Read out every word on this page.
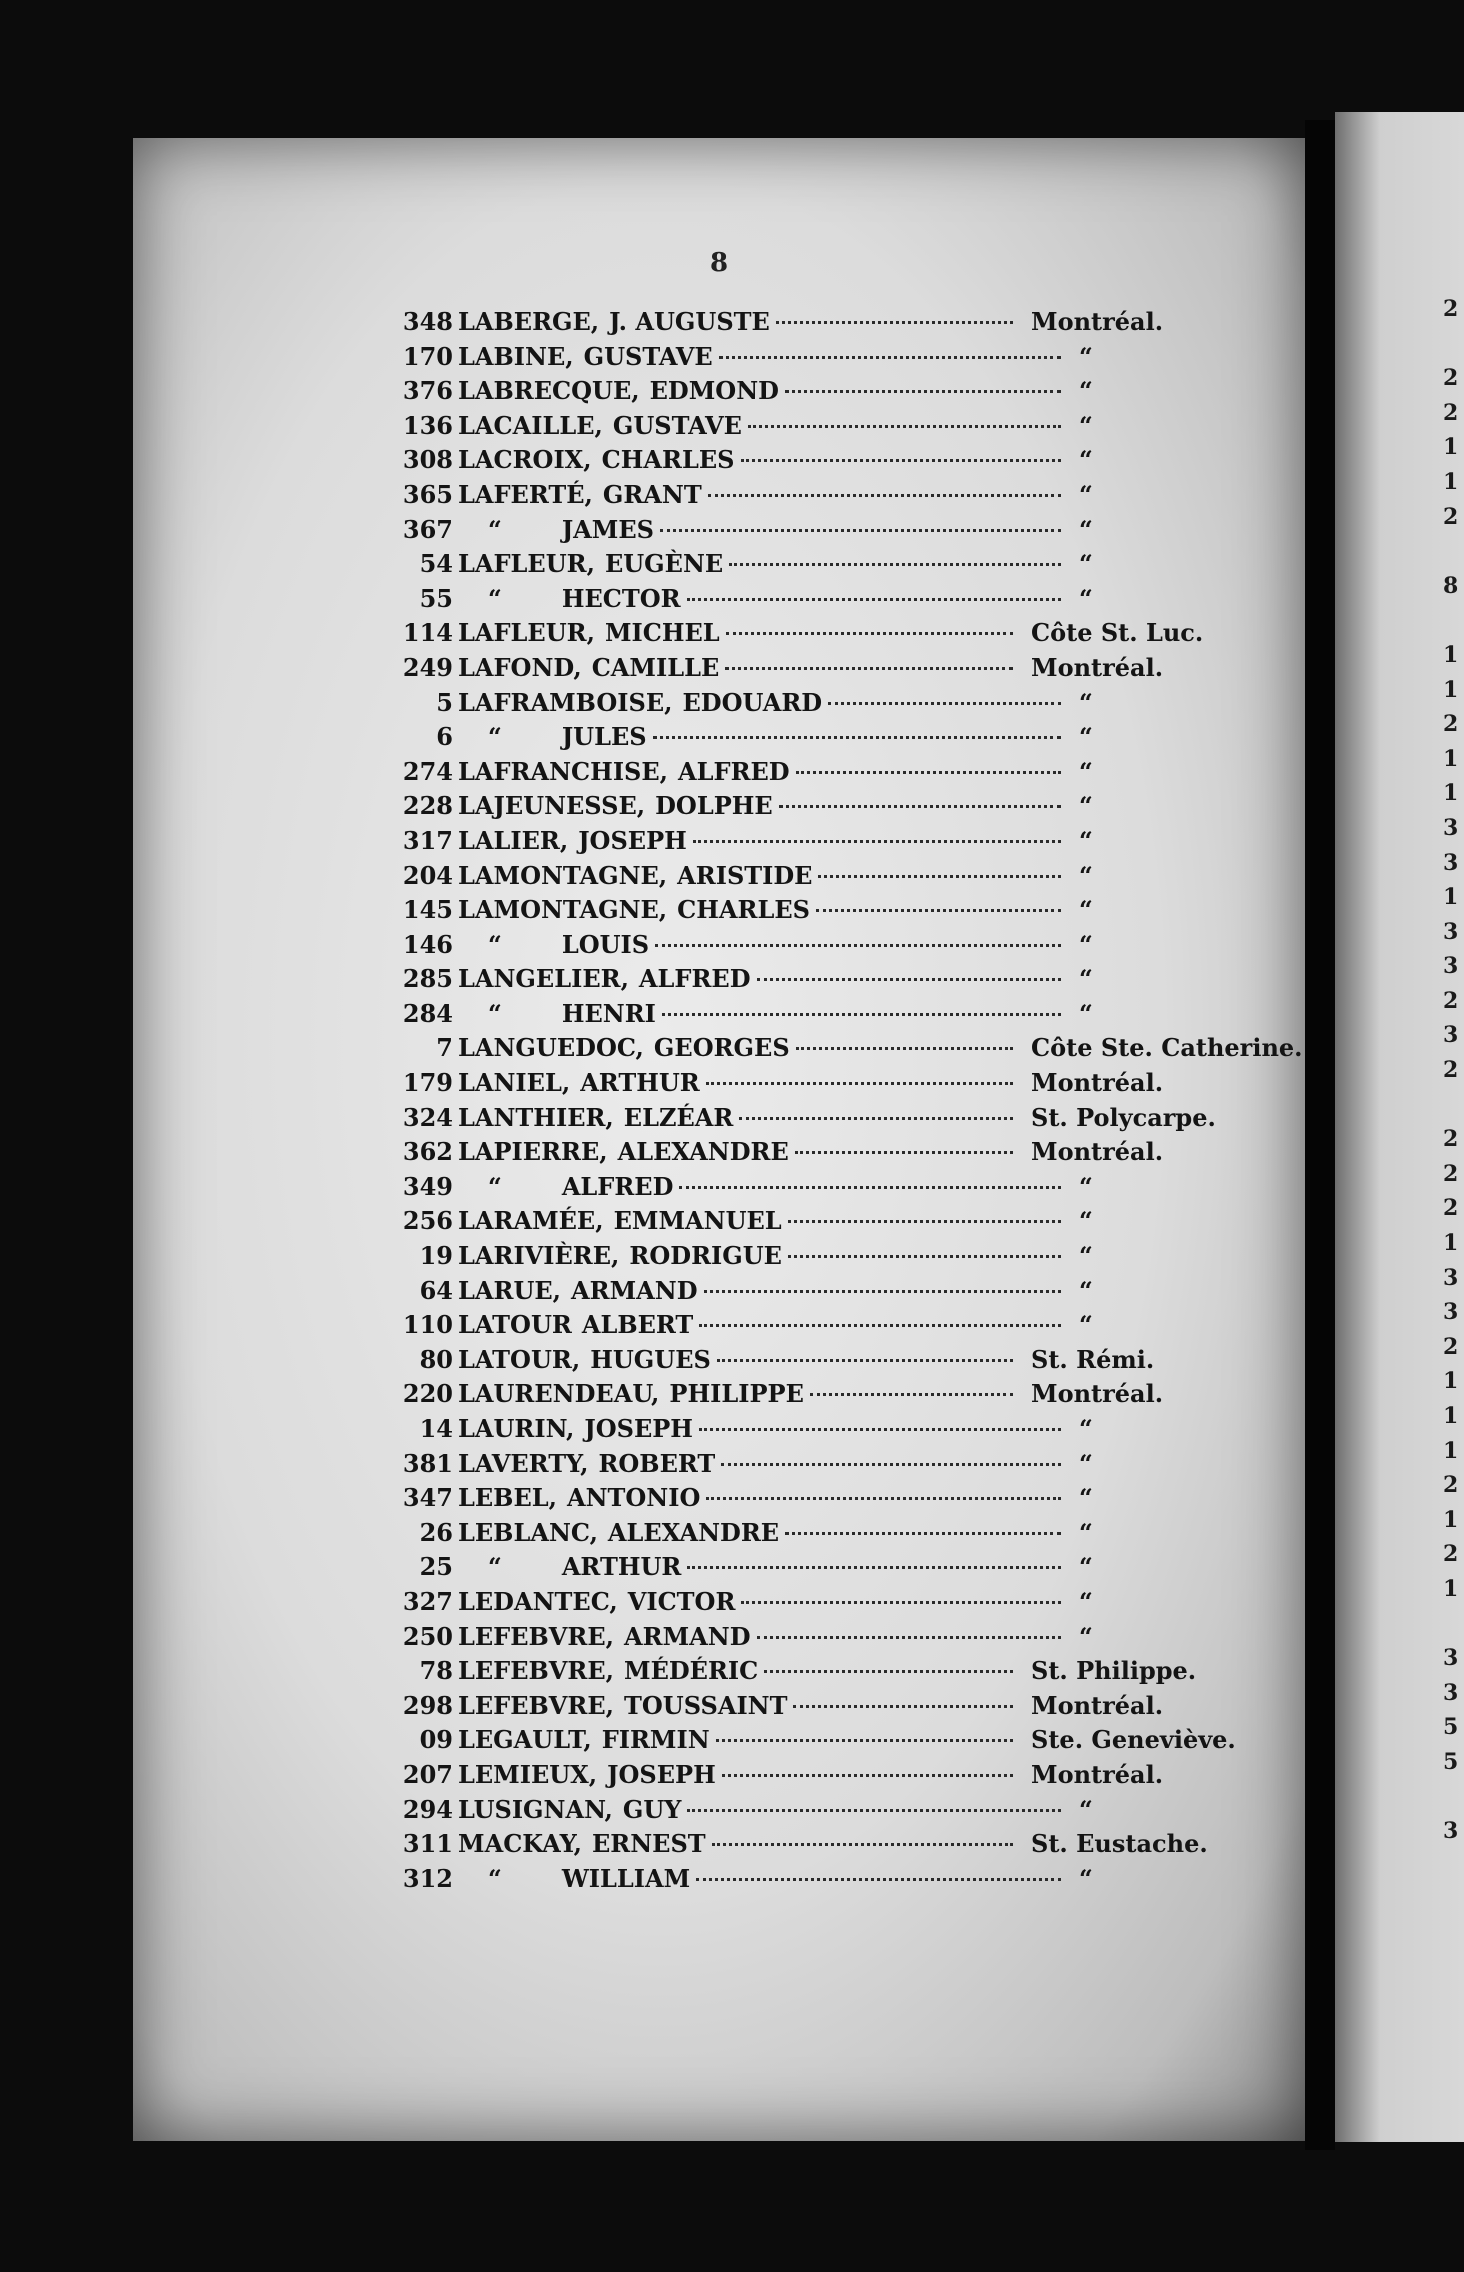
2
2
2
1
1
2
8
1
1
2
1
1
3
3
1
3
3
2
3
2
2
2
2
1
3
3
2
1
1
1
2
1
2
1
3
3
5
5
3
8
348 LABERGE, J. AUGUSTE	Montréal.
170 LABINE, GUSTAVE	“
376 LABRECQUE, EDMOND	“
136 LACAILLE, GUSTAVE	“
308 LACROIX, CHARLES	“
365 LAFERTÉ, GRANT	“
367 “	JAMES	“
54 LAFLEUR, EUGÈNE	“
55 “	HECTOR	“
114 LAFLEUR, MICHEL	Côte St. Luc.
249 LAFOND, CAMILLE	Montréal.
5 LAFRAMBOISE, EDOUARD	“
6 “	JULES	“
274 LAFRANCHISE, ALFRED	“
228 LAJEUNESSE, DOLPHE	“
317 LALIER, JOSEPH	“
204 LAMONTAGNE, ARISTIDE	“
145 LAMONTAGNE, CHARLES	“
146 “	LOUIS	“
285 LANGELIER, ALFRED	“
284 “	HENRI	“
7 LANGUEDOC, GEORGES	Côte Ste. Catherine.
179 LANIEL, ARTHUR	Montréal.
324 LANTHIER, ELZÉAR	St. Polycarpe.
362 LAPIERRE, ALEXANDRE	Montréal.
349 “	ALFRED	“
256 LARAMÉE, EMMANUEL	“
19 LARIVIÈRE, RODRIGUE	“
64 LARUE, ARMAND	“
110 LATOUR ALBERT	“
80 LATOUR, HUGUES	St. Rémi.
220 LAURENDEAU, PHILIPPE	Montréal.
14 LAURIN, JOSEPH	“
381 LAVERTY, ROBERT	“
347 LEBEL, ANTONIO	“
26 LEBLANC, ALEXANDRE	“
25 “	ARTHUR	“
327 LEDANTEC, VICTOR	“
250 LEFEBVRE, ARMAND	“
78 LEFEBVRE, MÉDÉRIC	St. Philippe.
298 LEFEBVRE, TOUSSAINT	Montréal.
09 LEGAULT, FIRMIN	Ste. Geneviève.
207 LEMIEUX, JOSEPH	Montréal.
294 LUSIGNAN, GUY	“
311 MACKAY, ERNEST	St. Eustache.
312 “	WILLIAM	“
